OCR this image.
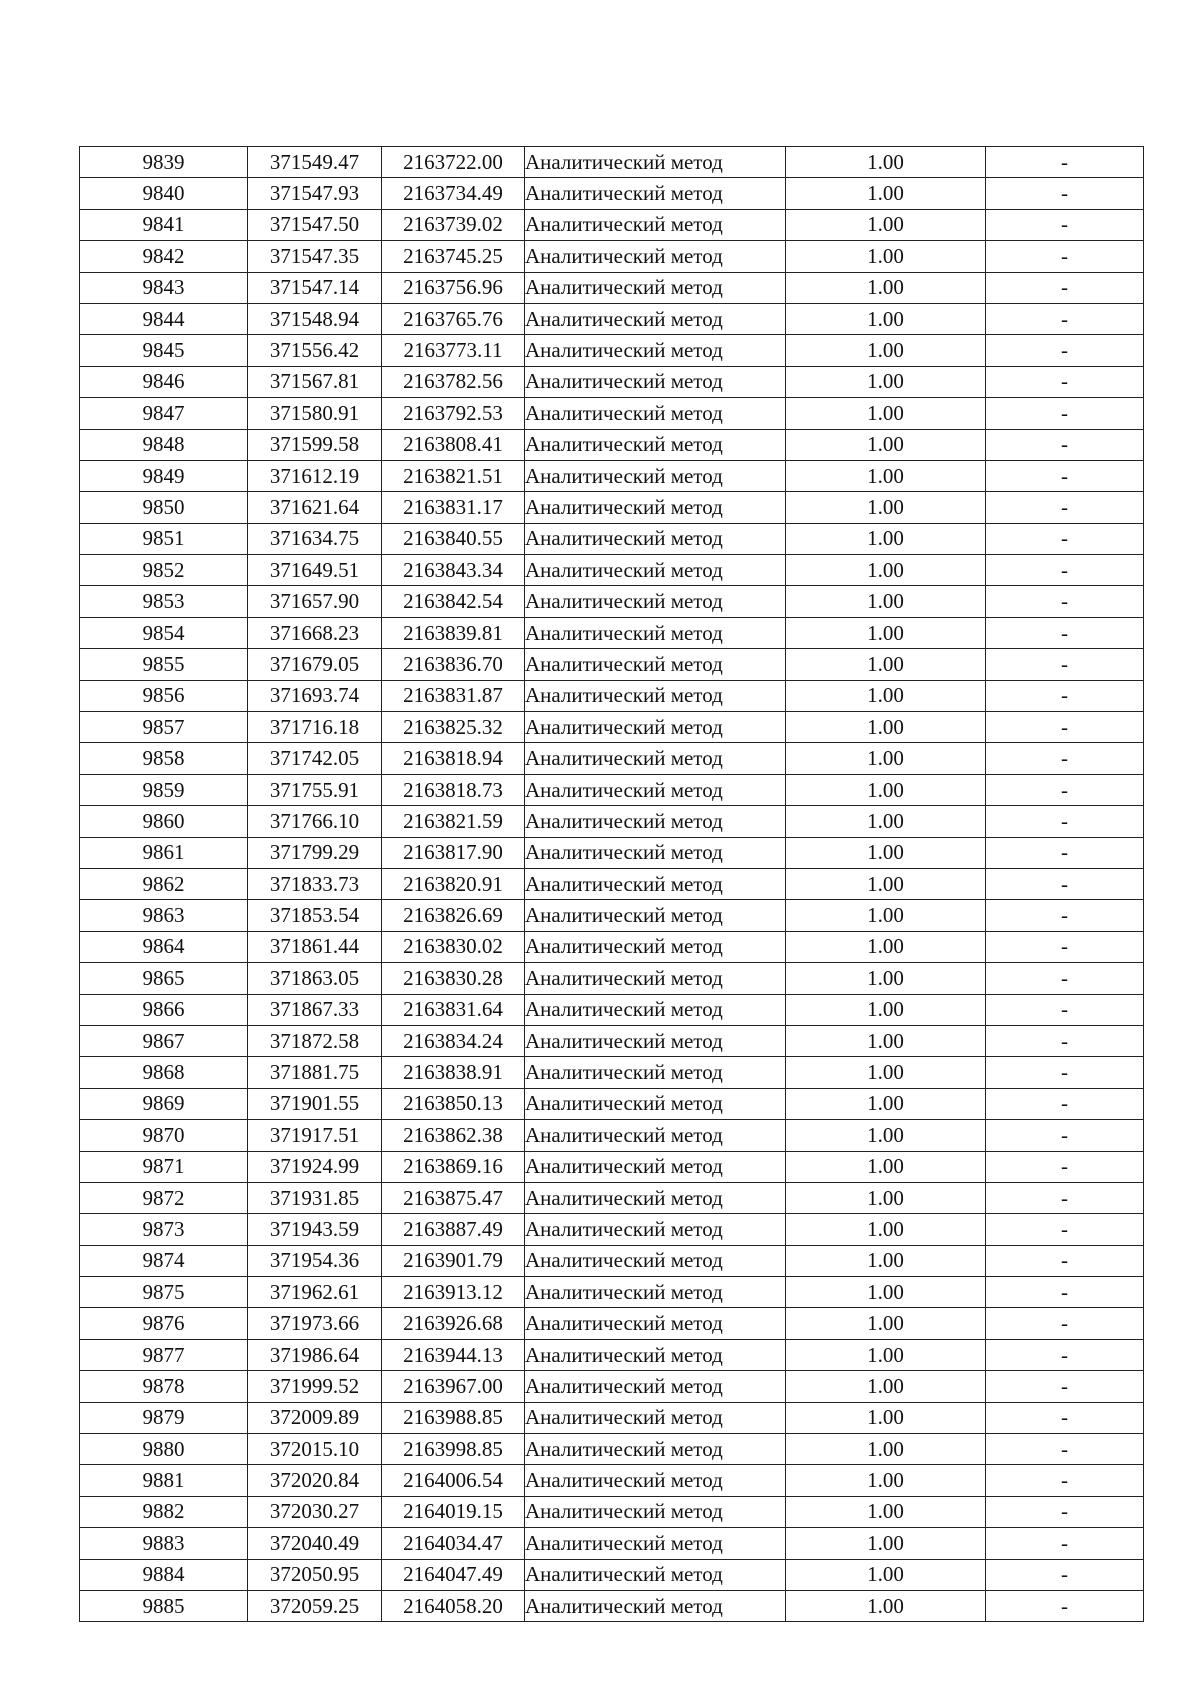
9839	371549.47	2163722.00	Аналитический метод	1.00	-
9840	371547.93	2163734.49	Аналитический метод	1.00	-
9841	371547.50	2163739.02	Аналитический метод	1.00	-
9842	371547.35	2163745.25	Аналитический метод	1.00	-
9843	371547.14	2163756.96	Аналитический метод	1.00	-
9844	371548.94	2163765.76	Аналитический метод	1.00	-
9845	371556.42	2163773.11	Аналитический метод	1.00	-
9846	371567.81	2163782.56	Аналитический метод	1.00	-
9847	371580.91	2163792.53	Аналитический метод	1.00	-
9848	371599.58	2163808.41	Аналитический метод	1.00	-
9849	371612.19	2163821.51	Аналитический метод	1.00	-
9850	371621.64	2163831.17	Аналитический метод	1.00	-
9851	371634.75	2163840.55	Аналитический метод	1.00	-
9852	371649.51	2163843.34	Аналитический метод	1.00	-
9853	371657.90	2163842.54	Аналитический метод	1.00	-
9854	371668.23	2163839.81	Аналитический метод	1.00	-
9855	371679.05	2163836.70	Аналитический метод	1.00	-
9856	371693.74	2163831.87	Аналитический метод	1.00	-
9857	371716.18	2163825.32	Аналитический метод	1.00	-
9858	371742.05	2163818.94	Аналитический метод	1.00	-
9859	371755.91	2163818.73	Аналитический метод	1.00	-
9860	371766.10	2163821.59	Аналитический метод	1.00	-
9861	371799.29	2163817.90	Аналитический метод	1.00	-
9862	371833.73	2163820.91	Аналитический метод	1.00	-
9863	371853.54	2163826.69	Аналитический метод	1.00	-
9864	371861.44	2163830.02	Аналитический метод	1.00	-
9865	371863.05	2163830.28	Аналитический метод	1.00	-
9866	371867.33	2163831.64	Аналитический метод	1.00	-
9867	371872.58	2163834.24	Аналитический метод	1.00	-
9868	371881.75	2163838.91	Аналитический метод	1.00	-
9869	371901.55	2163850.13	Аналитический метод	1.00	-
9870	371917.51	2163862.38	Аналитический метод	1.00	-
9871	371924.99	2163869.16	Аналитический метод	1.00	-
9872	371931.85	2163875.47	Аналитический метод	1.00	-
9873	371943.59	2163887.49	Аналитический метод	1.00	-
9874	371954.36	2163901.79	Аналитический метод	1.00	-
9875	371962.61	2163913.12	Аналитический метод	1.00	-
9876	371973.66	2163926.68	Аналитический метод	1.00	-
9877	371986.64	2163944.13	Аналитический метод	1.00	-
9878	371999.52	2163967.00	Аналитический метод	1.00	-
9879	372009.89	2163988.85	Аналитический метод	1.00	-
9880	372015.10	2163998.85	Аналитический метод	1.00	-
9881	372020.84	2164006.54	Аналитический метод	1.00	-
9882	372030.27	2164019.15	Аналитический метод	1.00	-
9883	372040.49	2164034.47	Аналитический метод	1.00	-
9884	372050.95	2164047.49	Аналитический метод	1.00	-
9885	372059.25	2164058.20	Аналитический метод	1.00	-
